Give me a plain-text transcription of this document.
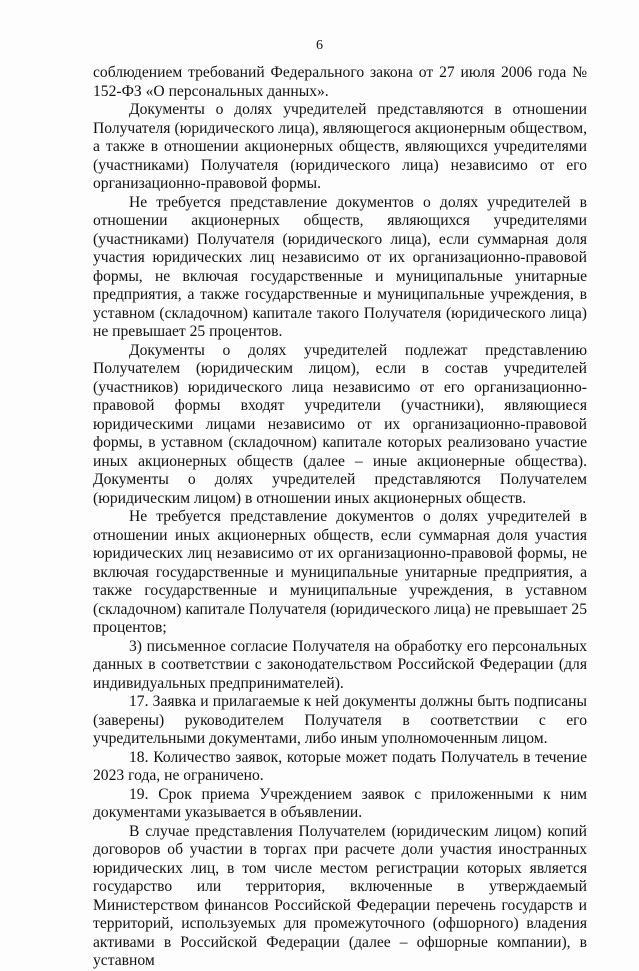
6

соблюдением требований Федерального закона от 27 июля 2006 года № 152-ФЗ «О персональных данных».

Документы о долях учредителей представляются в отношении Получателя (юридического лица), являющегося акционерным обществом, а также в отношении акционерных обществ, являющихся учредителями (участниками) Получателя (юридического лица) независимо от его организационно-правовой формы.

Не требуется представление документов о долях учредителей в отношении акционерных обществ, являющихся учредителями (участниками) Получателя (юридического лица), если суммарная доля участия юридических лиц независимо от их организационно-правовой формы, не включая государственные и муниципальные унитарные предприятия, а также государственные и муниципальные учреждения, в уставном (складочном) капитале такого Получателя (юридического лица) не превышает 25 процентов.

Документы о долях учредителей подлежат представлению Получателем (юридическим лицом), если в состав учредителей (участников) юридического лица независимо от его организационно-правовой формы входят учредители (участники), являющиеся юридическими лицами независимо от их организационно-правовой формы, в уставном (складочном) капитале которых реализовано участие иных акционерных обществ (далее – иные акционерные общества). Документы о долях учредителей представляются Получателем (юридическим лицом) в отношении иных акционерных обществ.

Не требуется представление документов о долях учредителей в отношении иных акционерных обществ, если суммарная доля участия юридических лиц независимо от их организационно-правовой формы, не включая государственные и муниципальные унитарные предприятия, а также государственные и муниципальные учреждения, в уставном (складочном) капитале Получателя (юридического лица) не превышает 25 процентов;

3) письменное согласие Получателя на обработку его персональных данных в соответствии с законодательством Российской Федерации (для индивидуальных предпринимателей).

17. Заявка и прилагаемые к ней документы должны быть подписаны (заверены) руководителем Получателя в соответствии с его учредительными документами, либо иным уполномоченным лицом.

18. Количество заявок, которые может подать Получатель в течение 2023 года, не ограничено.

19. Срок приема Учреждением заявок с приложенными к ним документами указывается в объявлении.

В случае представления Получателем (юридическим лицом) копий договоров об участии в торгах при расчете доли участия иностранных юридических лиц, в том числе местом регистрации которых является государство или территория, включенные в утверждаемый Министерством финансов Российской Федерации перечень государств и территорий, используемых для промежуточного (офшорного) владения активами в Российской Федерации (далее – офшорные компании), в уставном
